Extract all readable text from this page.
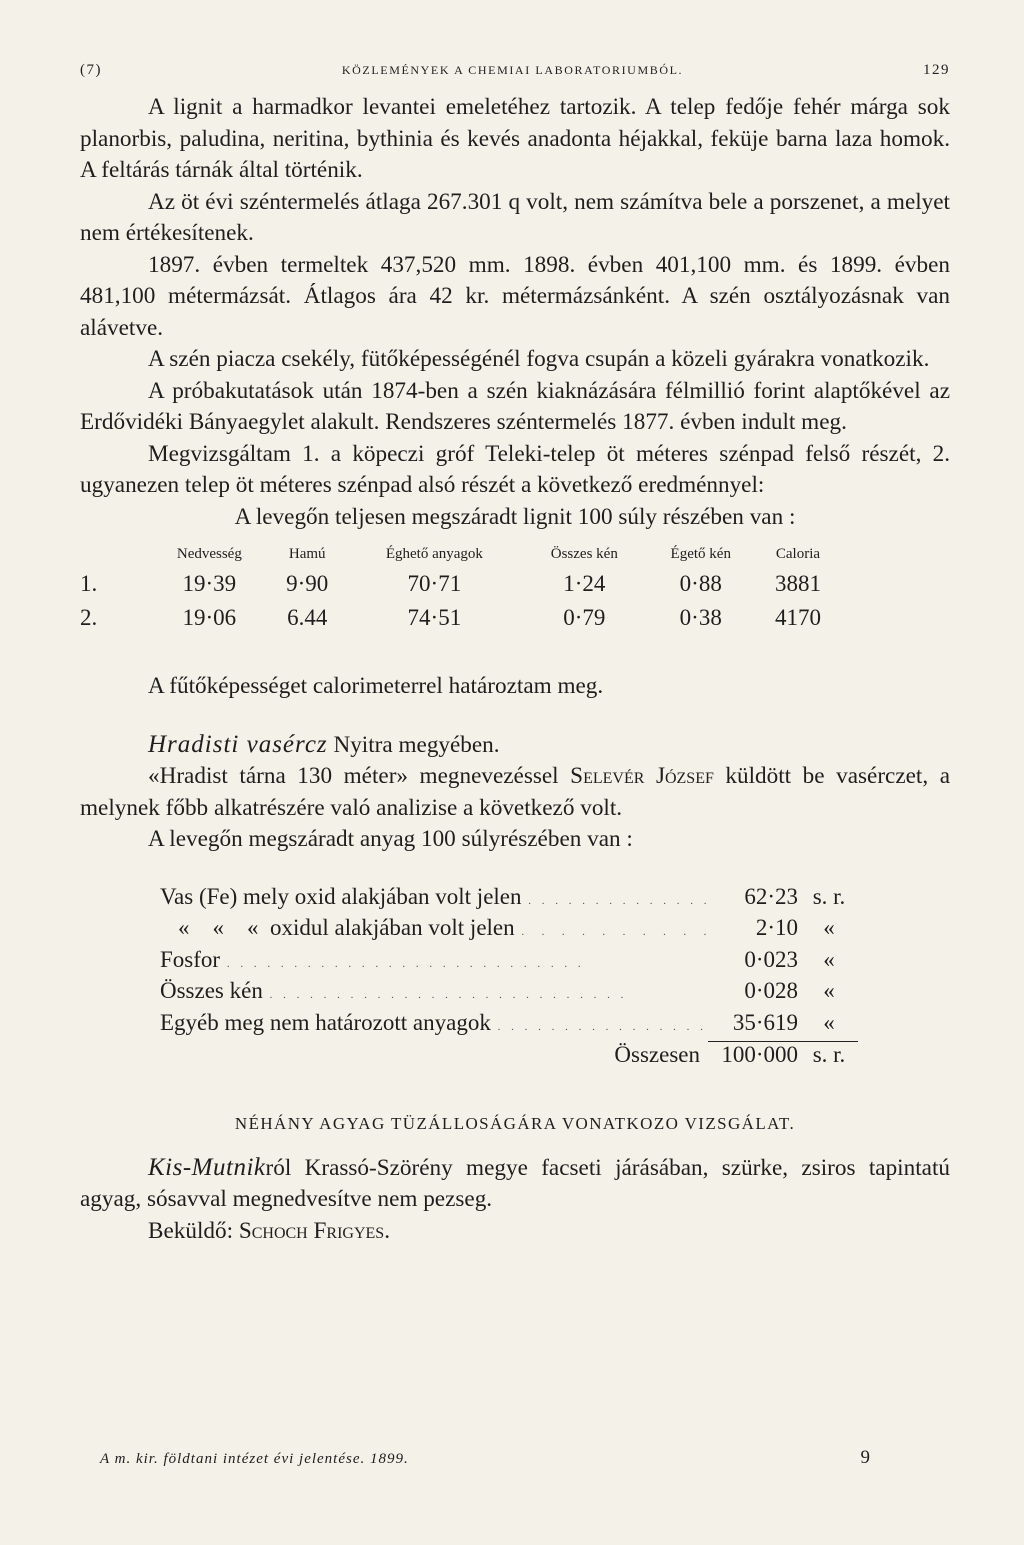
(7)	KÖZLEMÉNYEK A CHEMIAI LABORATORIUMBÓL.	129

A lignit a harmadkor levantei emeletéhez tartozik. A telep fedője fehér márga sok planorbis, paludina, neritina, bythinia és kevés anadonta héjakkal, feküje barna laza homok. A feltárás tárnák által történik.

Az öt évi széntermelés átlaga 267.301 q volt, nem számítva bele a porszenet, a melyet nem értékesítenek.

1897. évben termeltek 437,520 mm. 1898. évben 401,100 mm. és 1899. évben 481,100 métermázsát. Átlagos ára 42 kr. métermázsánként. A szén osztályozásnak van alávetve.

A szén piacza csekély, fütőképességénél fogva csupán a közeli gyárakra vonatkozik.

A próbakutatások után 1874-ben a szén kiaknázására félmillió forint alaptőkével az Erdővidéki Bányaegylet alakult. Rendszeres széntermelés 1877. évben indult meg.

Megvizsgáltam 1. a köpeczi gróf Teleki-telep öt méteres szénpad felső részét, 2. ugyanezen telep öt méteres szénpad alsó részét a következő eredménnyel:

A levegőn teljesen megszáradt lignit 100 súly részében van :

	Nedvesség	Hamú	Éghető anyagok	Összes kén	Égető kén	Caloria
1.	19·39	9·90	70·71	1·24	0·88	3881
2.	19·06	6.44	74·51	0·79	0·38	4170

A fűtőképességet calorimeterrel határoztam meg.

Hradisti vasércz Nyitra megyében.

«Hradist tárna 130 méter» megnevezéssel Selevér József küldött be vasérczet, a melynek főbb alkatrészére való analizise a következő volt.

A levegőn megszáradt anyag 100 súlyrészében van :

Vas (Fe) mely oxid alakjában volt jelen . .	62·23 s. r.
«    «    «  oxidul alakjában volt jelen .  .	2·10	«
Fosfor . .	0·023	«
Összes kén . .	0·028	«
Egyéb meg nem határozott anyagok . .	35·619	«
Összesen 100·000 s. r.
NÉHÁNY AGYAG TÜZÁLLOSÁGÁRA VONATKOZO VIZSGÁLAT.

Kis-Mutnikról Krassó-Szörény megye facseti járásában, szürke, zsiros tapintatú agyag, sósavval megnedvesítve nem pezseg.

Beküldő: Schoch Frigyes.

A m. kir. földtani intézet évi jelentése. 1899.	9
